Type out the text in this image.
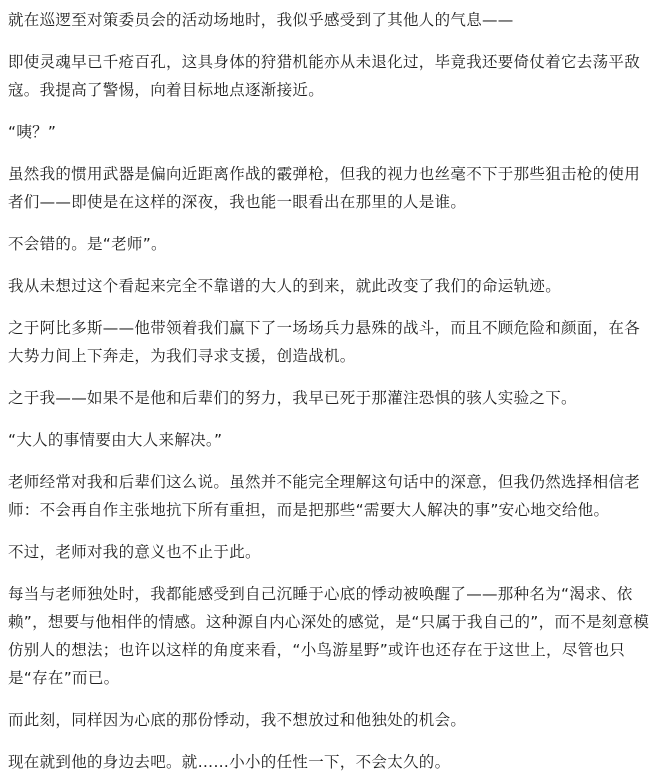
就在巡逻至对策委员会的活动场地时，我似乎感受到了其他人的气息——

即使灵魂早已千疮百孔，这具身体的狩猎机能亦从未退化过，毕竟我还要倚仗着它去荡平敌寇。我提高了警惕，向着目标地点逐渐接近。

“咦？”

虽然我的惯用武器是偏向近距离作战的霰弹枪，但我的视力也丝毫不下于那些狙击枪的使用者们——即使是在这样的深夜，我也能一眼看出在那里的人是谁。

不会错的。是“老师”。

我从未想过这个看起来完全不靠谱的大人的到来，就此改变了我们的命运轨迹。

之于阿比多斯——他带领着我们赢下了一场场兵力悬殊的战斗，而且不顾危险和颜面，在各大势力间上下奔走，为我们寻求支援，创造战机。

之于我——如果不是他和后辈们的努力，我早已死于那灌注恐惧的骇人实验之下。

“大人的事情要由大人来解决。”

老师经常对我和后辈们这么说。虽然并不能完全理解这句话中的深意，但我仍然选择相信老师：不会再自作主张地抗下所有重担，而是把那些“需要大人解决的事”安心地交给他。

不过，老师对我的意义也不止于此。

每当与老师独处时，我都能感受到自己沉睡于心底的悸动被唤醒了——那种名为“渴求、依赖”，想要与他相伴的情感。这种源自内心深处的感觉，是“只属于我自己的”，而不是刻意模仿别人的想法；也许以这样的角度来看，“小鸟游星野”或许也还存在于这世上，尽管也只是“存在”而已。

而此刻，同样因为心底的那份悸动，我不想放过和他独处的机会。

现在就到他的身边去吧。就……小小的任性一下，不会太久的。
